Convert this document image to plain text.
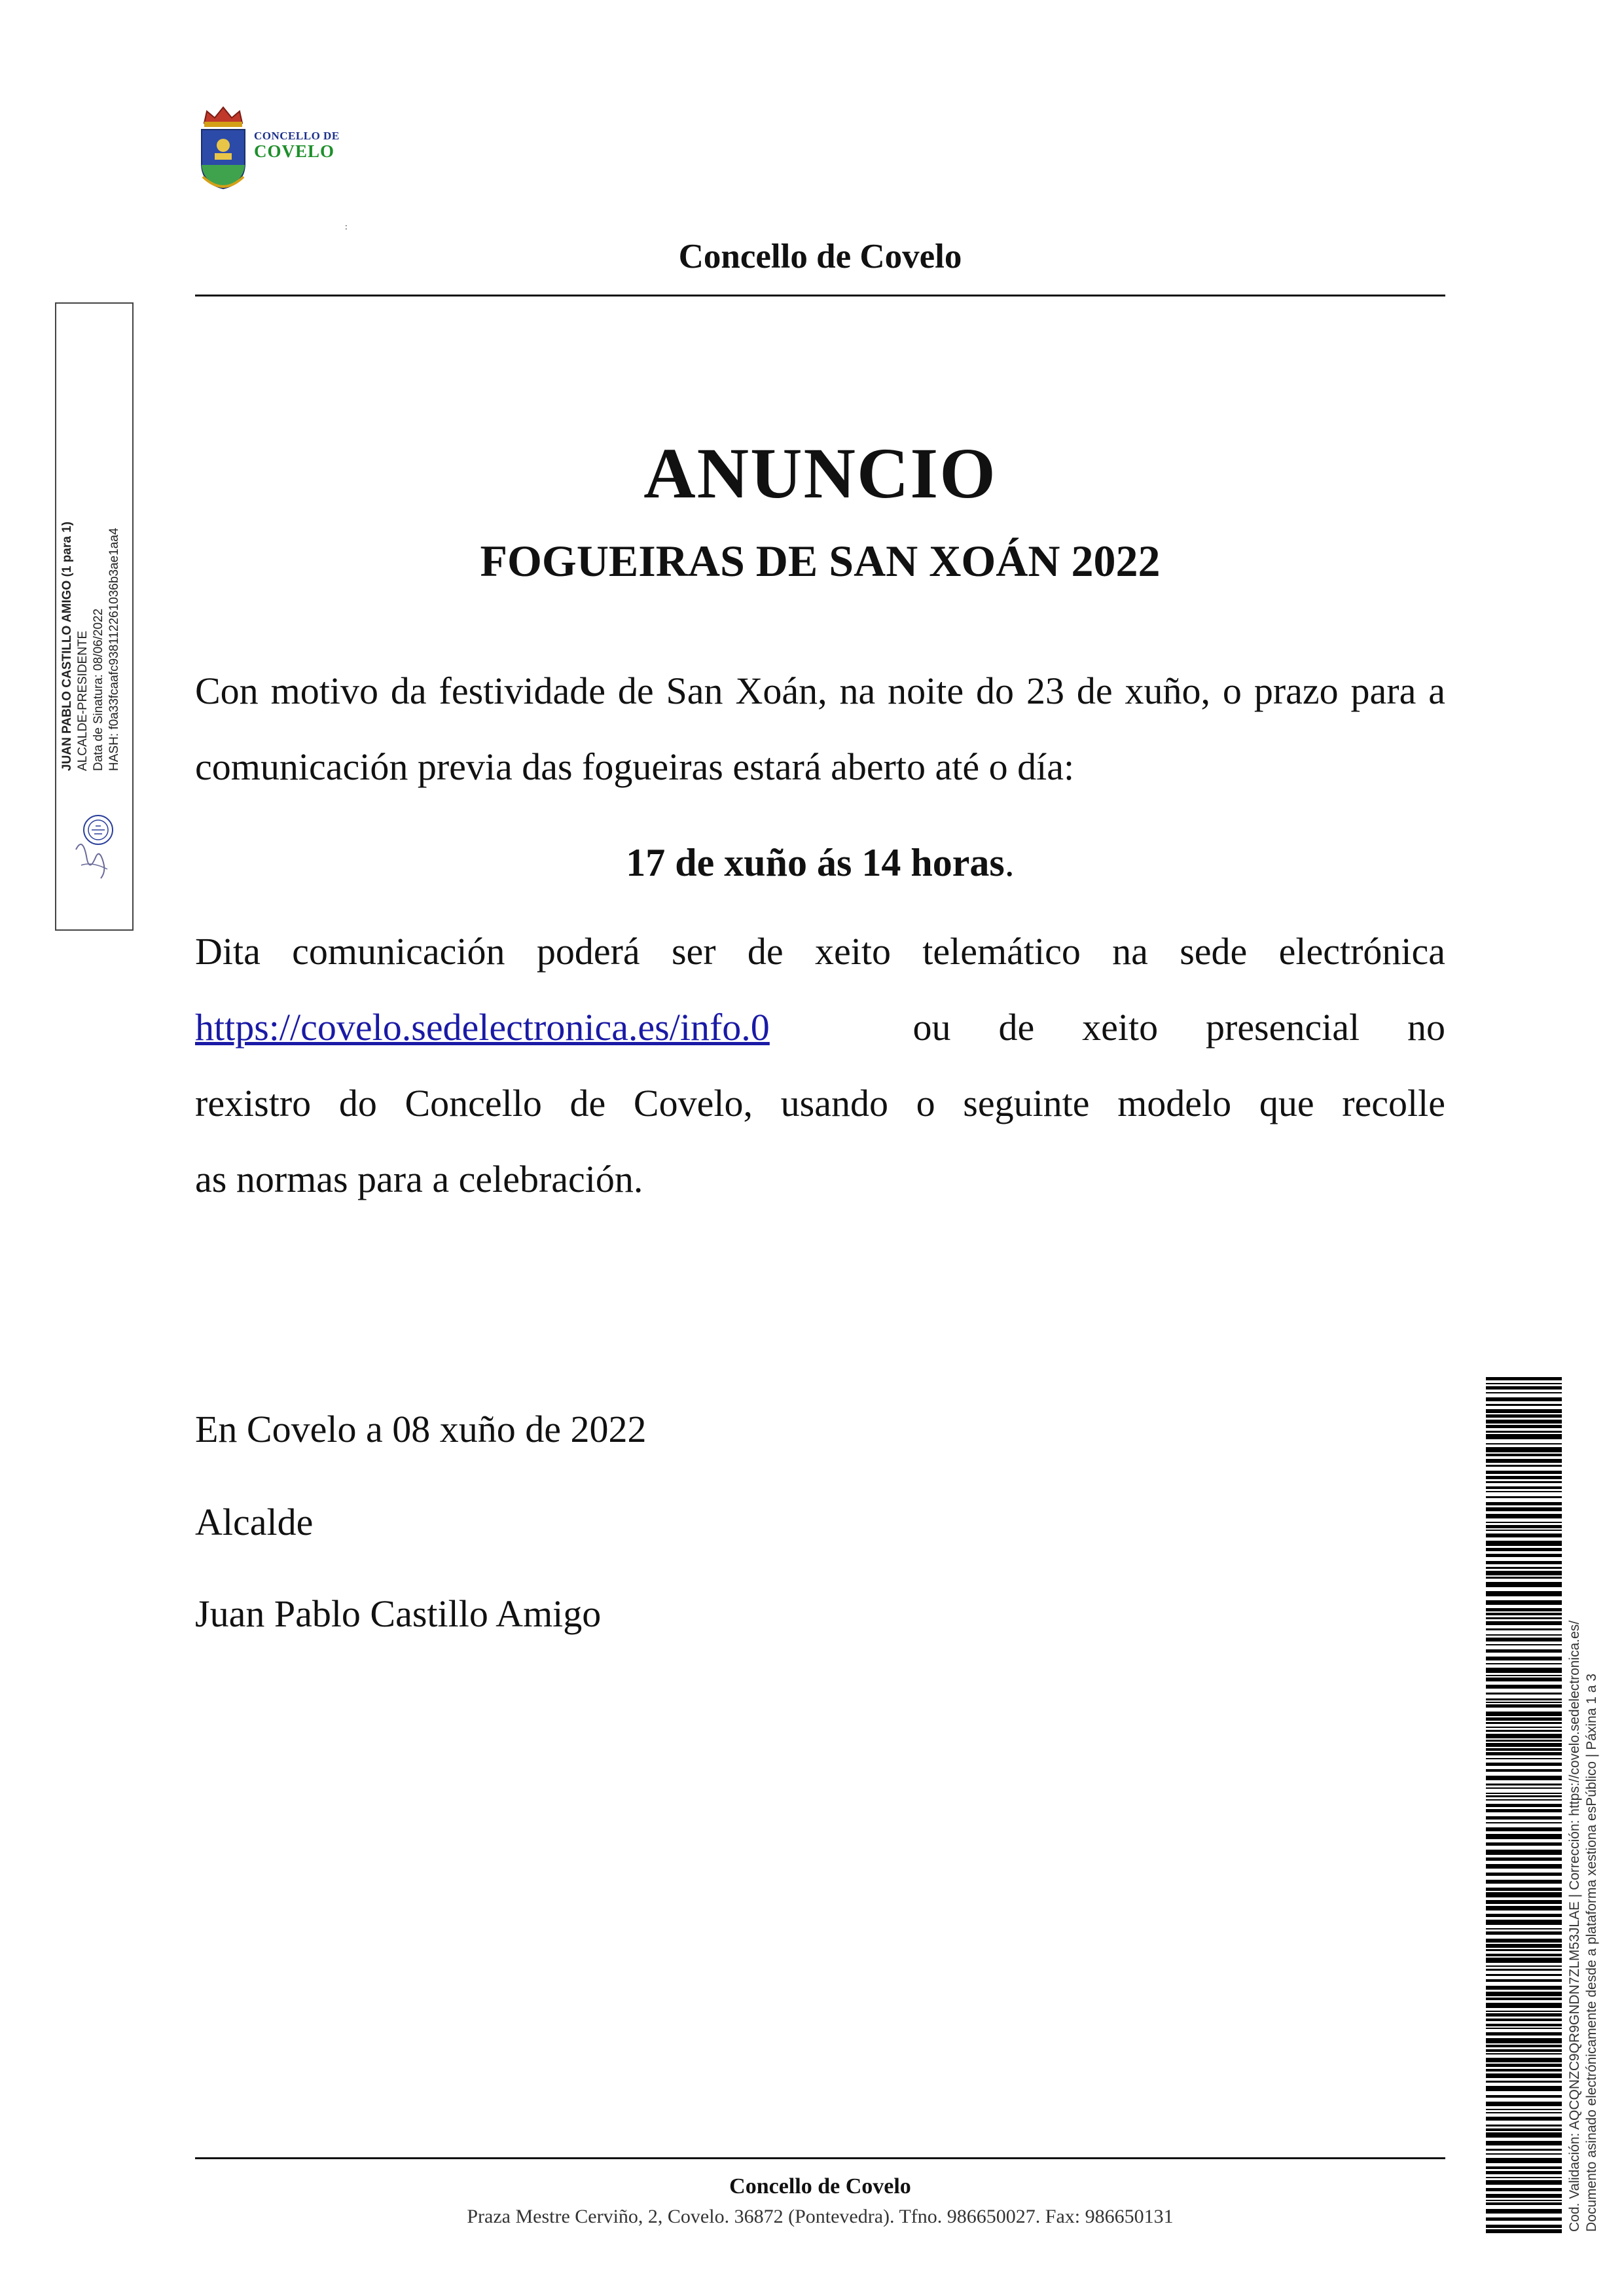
CONCELLO DE
COVELO
∶
Concello de Covelo
ANUNCIO
FOGUEIRAS DE SAN XOÁN 2022
Con motivo da festividade de San Xoán, na noite do 23 de xuño, o prazo para a comunicación previa das fogueiras estará aberto até o día:
17 de xuño ás 14 horas.
Dita comunicación poderá ser de xeito telemático na sede electrónica
https://covelo.sedelectronica.es/info.0	ou de xeito presencial no
rexistro do Concello de Covelo, usando o seguinte modelo que recolle
as normas para a celebración.
En Covelo a 08 xuño de 2022
Alcalde
Juan Pablo Castillo Amigo
Concello de Covelo
Praza Mestre Cerviño, 2, Covelo. 36872 (Pontevedra). Tfno. 986650027. Fax: 986650131
JUAN PABLO CASTILLO AMIGO (1 para 1) ALCALDE-PRESIDENTE Data de Sinatura: 08/06/2022 HASH: f0a33fcaafc938112261036b3ae1aa4
Cod. Validación: AQCQNZC9QR9GNDN7ZLM53JLAE | Corrección: https://covelo.sedelectronica.es/ Documento asinado electrónicamente desde a plataforma xestiona esPúblico | Páxina 1 a 3
